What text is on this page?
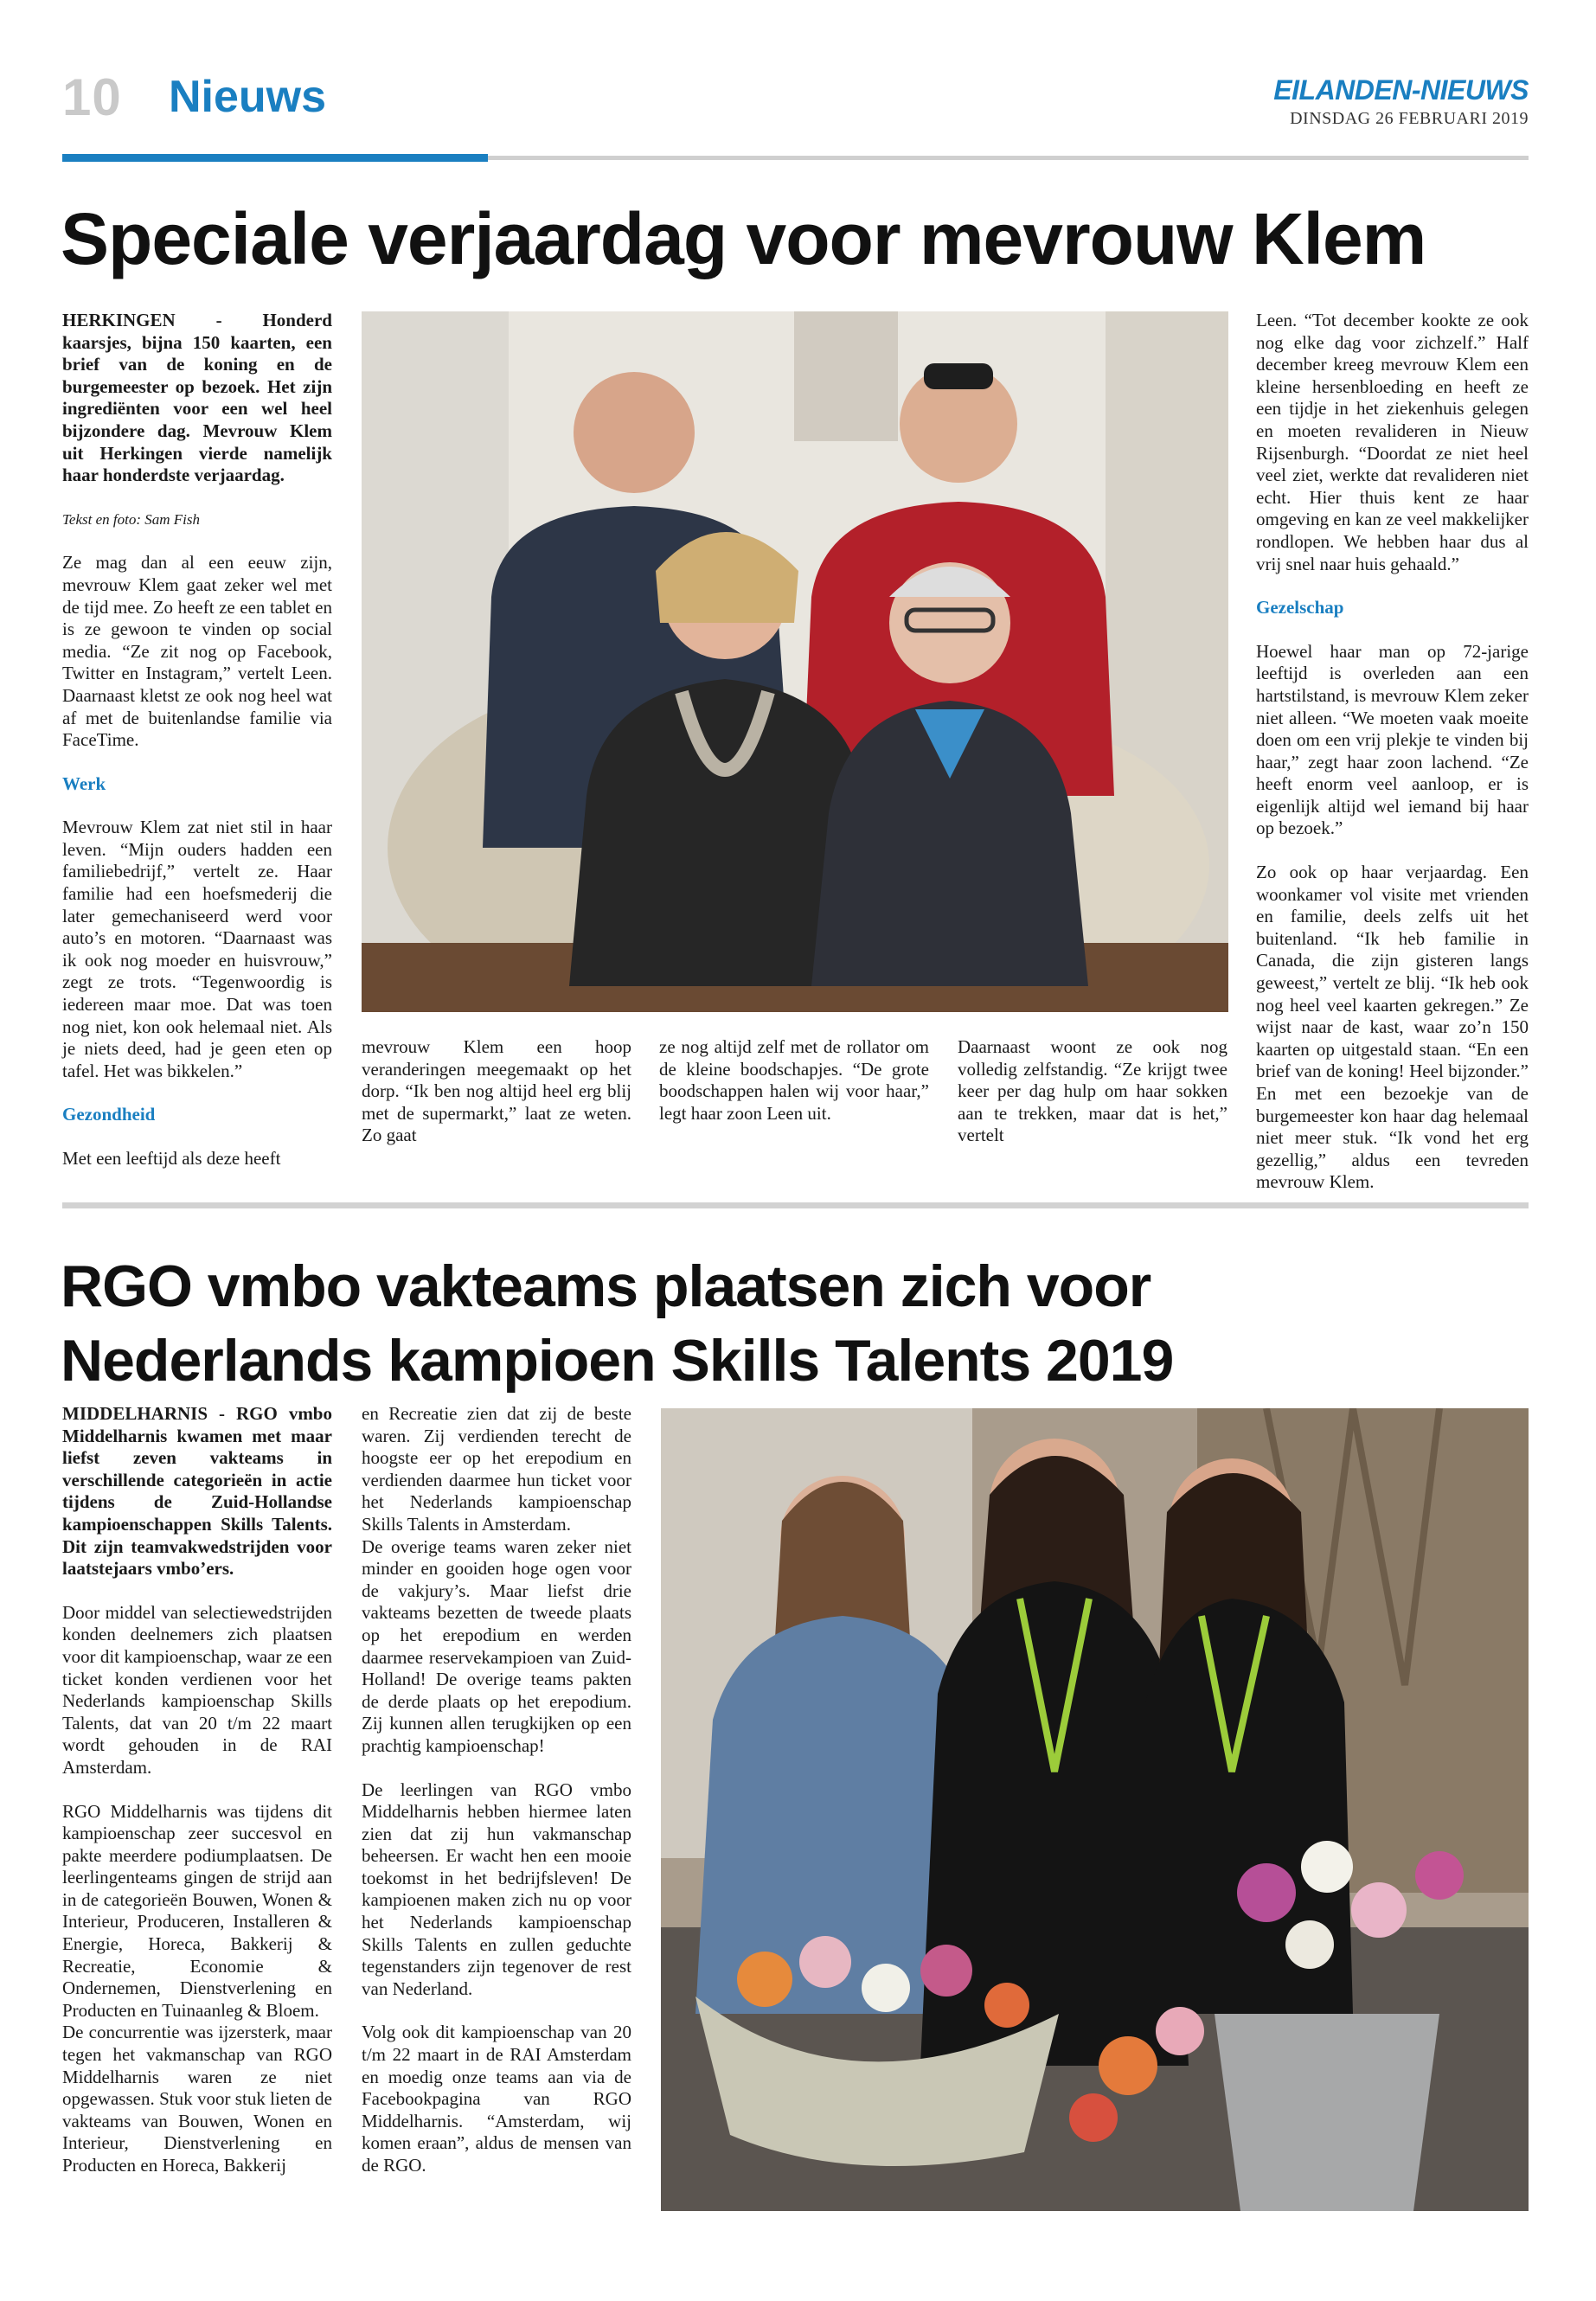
10 Nieuws	EILANDEN-NIEUWS
DINSDAG 26 FEBRUARI 2019
Speciale verjaardag voor mevrouw Klem

HERKINGEN - Honderd kaarsjes, bijna 150 kaarten, een brief van de koning en de burgemeester op bezoek. Het zijn ingrediënten voor een wel heel bijzondere dag. Mevrouw Klem uit Herkingen vierde namelijk haar honderdste verjaardag.

Tekst en foto: Sam Fish

Ze mag dan al een eeuw zijn, mevrouw Klem gaat zeker wel met de tijd mee. Zo heeft ze een tablet en is ze gewoon te vinden op social media. “Ze zit nog op Facebook, Twitter en Instagram,” vertelt Leen. Daarnaast kletst ze ook nog heel wat af met de buitenlandse familie via FaceTime.

Werk

Mevrouw Klem zat niet stil in haar leven. “Mijn ouders hadden een familiebedrijf,” vertelt ze. Haar familie had een hoefsmederij die later gemechaniseerd werd voor auto’s en motoren. “Daarnaast was ik ook nog moeder en huisvrouw,” zegt ze trots. “Tegenwoordig is iedereen maar moe. Dat was toen nog niet, kon ook helemaal niet. Als je niets deed, had je geen eten op tafel. Het was bikkelen.”

Gezondheid

Met een leeftijd als deze heeft

mevrouw Klem een hoop veranderingen meegemaakt op het dorp. “Ik ben nog altijd heel erg blij met de supermarkt,” laat ze weten. Zo gaat

ze nog altijd zelf met de rollator om de kleine boodschapjes. “De grote boodschappen halen wij voor haar,” legt haar zoon Leen uit.

Daarnaast woont ze ook nog volledig zelfstandig. “Ze krijgt twee keer per dag hulp om haar sokken aan te trekken, maar dat is het,” vertelt

Leen. “Tot december kookte ze ook nog elke dag voor zichzelf.” Half december kreeg mevrouw Klem een kleine hersenbloeding en heeft ze een tijdje in het ziekenhuis gelegen en moeten revalideren in Nieuw Rijsenburgh. “Doordat ze niet heel veel ziet, werkte dat revalideren niet echt. Hier thuis kent ze haar omgeving en kan ze veel makkelijker rondlopen. We hebben haar dus al vrij snel naar huis gehaald.”

Gezelschap

Hoewel haar man op 72-jarige leeftijd is overleden aan een hartstilstand, is mevrouw Klem zeker niet alleen. “We moeten vaak moeite doen om een vrij plekje te vinden bij haar,” zegt haar zoon lachend. “Ze heeft enorm veel aanloop, er is eigenlijk altijd wel iemand bij haar op bezoek.”

Zo ook op haar verjaardag. Een woonkamer vol visite met vrienden en familie, deels zelfs uit het buitenland. “Ik heb familie in Canada, die zijn gisteren langs geweest,” vertelt ze blij. “Ik heb ook nog heel veel kaarten gekregen.” Ze wijst naar de kast, waar zo’n 150 kaarten op uitgestald staan. “En een brief van de koning! Heel bijzonder.” En met een bezoekje van de burgemeester kon haar dag helemaal niet meer stuk. “Ik vond het erg gezellig,” aldus een tevreden mevrouw Klem.

RGO vmbo vakteams plaatsen zich voor Nederlands kampioen Skills Talents 2019

MIDDELHARNIS - RGO vmbo Middelharnis kwamen met maar liefst zeven vakteams in verschillende categorieën in actie tijdens de Zuid-Hollandse kampioenschappen Skills Talents. Dit zijn teamvakwedstrijden voor laatstejaars vmbo’ers.

Door middel van selectiewedstrijden konden deelnemers zich plaatsen voor dit kampioenschap, waar ze een ticket konden verdienen voor het Nederlands kampioenschap Skills Talents, dat van 20 t/m 22 maart wordt gehouden in de RAI Amsterdam.

RGO Middelharnis was tijdens dit kampioenschap zeer succesvol en pakte meerdere podiumplaatsen. De leerlingenteams gingen de strijd aan in de categorieën Bouwen, Wonen & Interieur, Produceren, Installeren & Energie, Horeca, Bakkerij & Recreatie, Economie & Ondernemen, Dienstverlening en Producten en Tuinaanleg & Bloem.

De concurrentie was ijzersterk, maar tegen het vakmanschap van RGO Middelharnis waren ze niet opgewassen. Stuk voor stuk lieten de vakteams van Bouwen, Wonen en Interieur, Dienstverlening en Producten en Horeca, Bakkerij

en Recreatie zien dat zij de beste waren. Zij verdienden terecht de hoogste eer op het erepodium en verdienden daarmee hun ticket voor het Nederlands kampioenschap Skills Talents in Amsterdam.

De overige teams waren zeker niet minder en gooiden hoge ogen voor de vakjury’s. Maar liefst drie vakteams bezetten de tweede plaats op het erepodium en werden daarmee reservekampioen van Zuid-Holland! De overige teams pakten de derde plaats op het erepodium. Zij kunnen allen terugkijken op een prachtig kampioenschap!

De leerlingen van RGO vmbo Middelharnis hebben hiermee laten zien dat zij hun vakmanschap beheersen. Er wacht hen een mooie toekomst in het bedrijfsleven! De kampioenen maken zich nu op voor het Nederlands kampioenschap Skills Talents en zullen geduchte tegenstanders zijn tegenover de rest van Nederland.

Volg ook dit kampioenschap van 20 t/m 22 maart in de RAI Amsterdam en moedig onze teams aan via de Facebookpagina van RGO Middelharnis. “Amsterdam, wij komen eraan”, aldus de mensen van de RGO.
